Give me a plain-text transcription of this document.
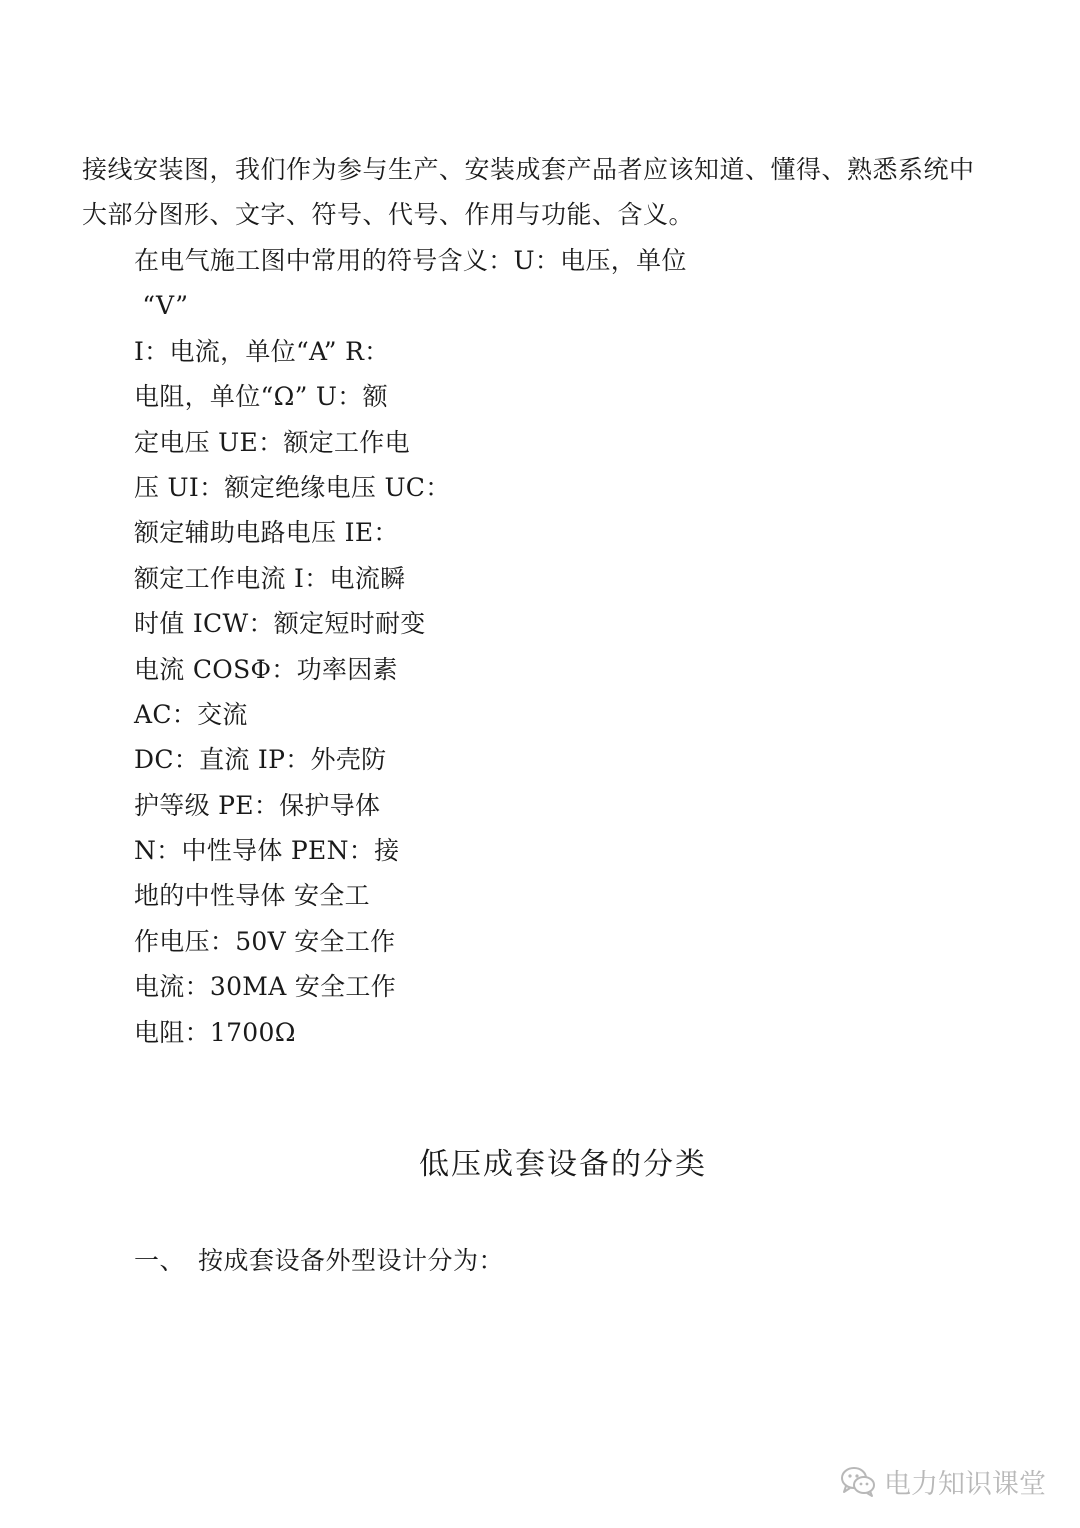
接线安装图，我们作为参与生产、安装成套产品者应该知道、懂得、熟悉系统中
大部分图形、文字、符号、代号、作用与功能、含义。
在电气施工图中常用的符号含义：U：电压，单位
“V”
I：电流，单位“A” R：
电阻，单位“Ω” U：额
定电压 UE：额定工作电
压 UI：额定绝缘电压 UC：
额定辅助电路电压 IE：
额定工作电流 I：电流瞬
时值 ICW：额定短时耐变
电流 COSΦ：功率因素
AC：交流
DC：直流 IP：外壳防
护等级 PE：保护导体
N：中性导体 PEN：接
地的中性导体 安全工
作电压：50V 安全工作
电流：30MA 安全工作
电阻：1700Ω
低压成套设备的分类
一、 按成套设备外型设计分为：
电力知识课堂
